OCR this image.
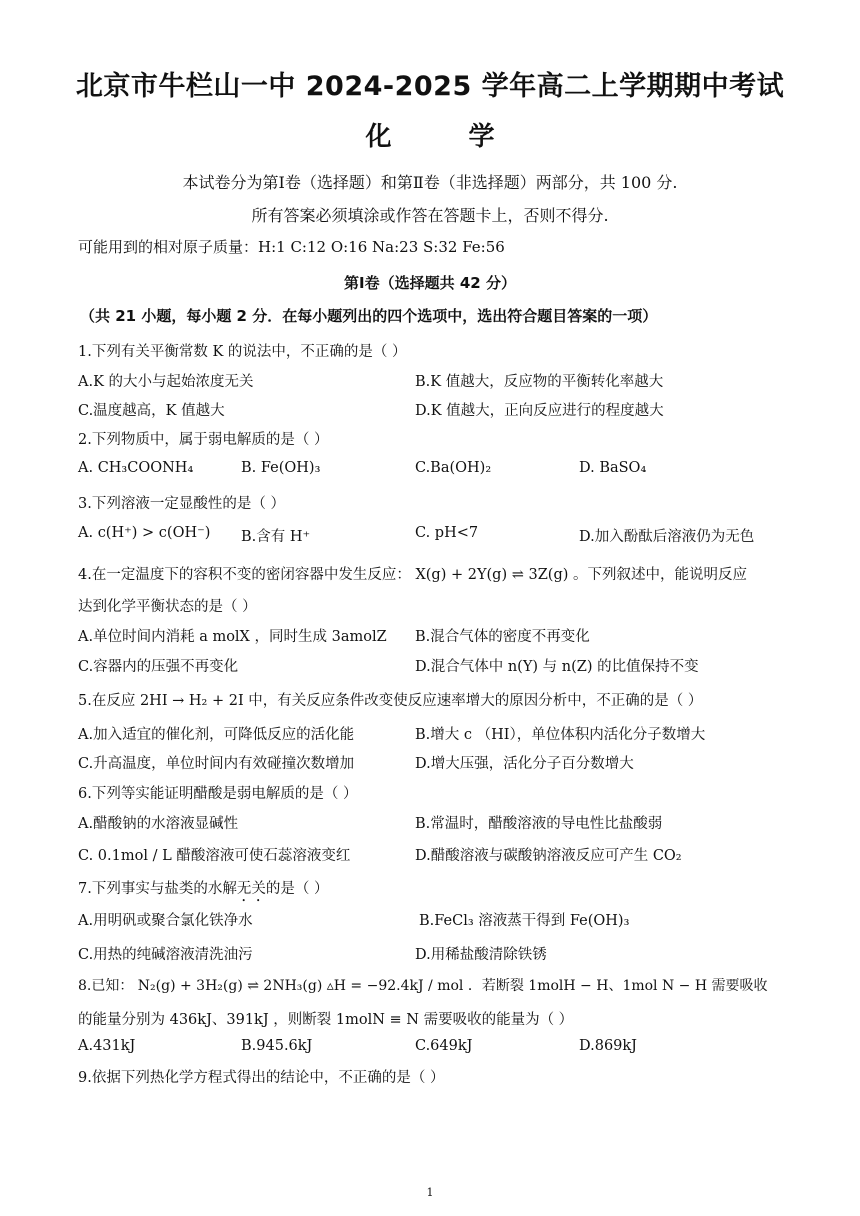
北京市牛栏山一中 2024-2025 学年高二上学期期中考试
化 学
本试卷分为第Ⅰ卷（选择题）和第Ⅱ卷（非选择题）两部分，共 100 分.
所有答案必须填涂或作答在答题卡上，否则不得分.
可能用到的相对原子质量：H:1 C:12 O:16 Na:23 S:32 Fe:56
第Ⅰ卷（选择题共 42 分）
（共 21 小题，每小题 2 分．在每小题列出的四个选项中，选出符合题目答案的一项）
1.下列有关平衡常数 K 的说法中，不正确的是（ ）
A.K 的大小与起始浓度无关	B.K 值越大，反应物的平衡转化率越大
C.温度越高，K 值越大	D.K 值越大，正向反应进行的程度越大
2.下列物质中，属于弱电解质的是（ ）
A. CH₃COONH₄	B. Fe(OH)₃	C.Ba(OH)₂	D. BaSO₄
3.下列溶液一定显酸性的是（ ）
A. c(H⁺) > c(OH⁻) B.含有 H⁺	C. pH<7	D.加入酚酞后溶液仍为无色
4.在一定温度下的容积不变的密闭容器中发生反应： X(g) + 2Y(g) ⇌ 3Z(g) 。下列叙述中，能说明反应
达到化学平衡状态的是（ ）
A.单位时间内消耗 a molX ，同时生成 3amolZ B.混合气体的密度不再变化
C.容器内的压强不再变化	D.混合气体中 n(Y) 与 n(Z) 的比值保持不变
5.在反应 2HI → H₂ + 2I 中，有关反应条件改变使反应速率增大的原因分析中，不正确的是（ ）
A.加入适宜的催化剂，可降低反应的活化能	B.增大 c （HI），单位体积内活化分子数增大
C.升高温度，单位时间内有效碰撞次数增加	D.增大压强，活化分子百分数增大
6.下列等实能证明醋酸是弱电解质的是（ ）
A.醋酸钠的水溶液显碱性	B.常温时，醋酸溶液的导电性比盐酸弱
C. 0.1mol / L 醋酸溶液可使石蕊溶液变红	D.醋酸溶液与碳酸钠溶液反应可产生 CO₂
7.下列事实与盐类的水解无关的是（ ）
A.用明矾或聚合氯化铁净水	B.FeCl₃ 溶液蒸干得到 Fe(OH)₃
C.用热的纯碱溶液清洗油污	D.用稀盐酸清除铁锈
8.已知： N₂(g) + 3H₂(g) ⇌ 2NH₃(g) ▵H = −92.4kJ / mol ．若断裂 1molH − H、1mol N − H 需要吸收
的能量分别为 436kJ、391kJ ，则断裂 1molN ≡ N 需要吸收的能量为（ ）
A.431kJ	B.945.6kJ	C.649kJ	D.869kJ
9.依据下列热化学方程式得出的结论中，不正确的是（ ）
1
